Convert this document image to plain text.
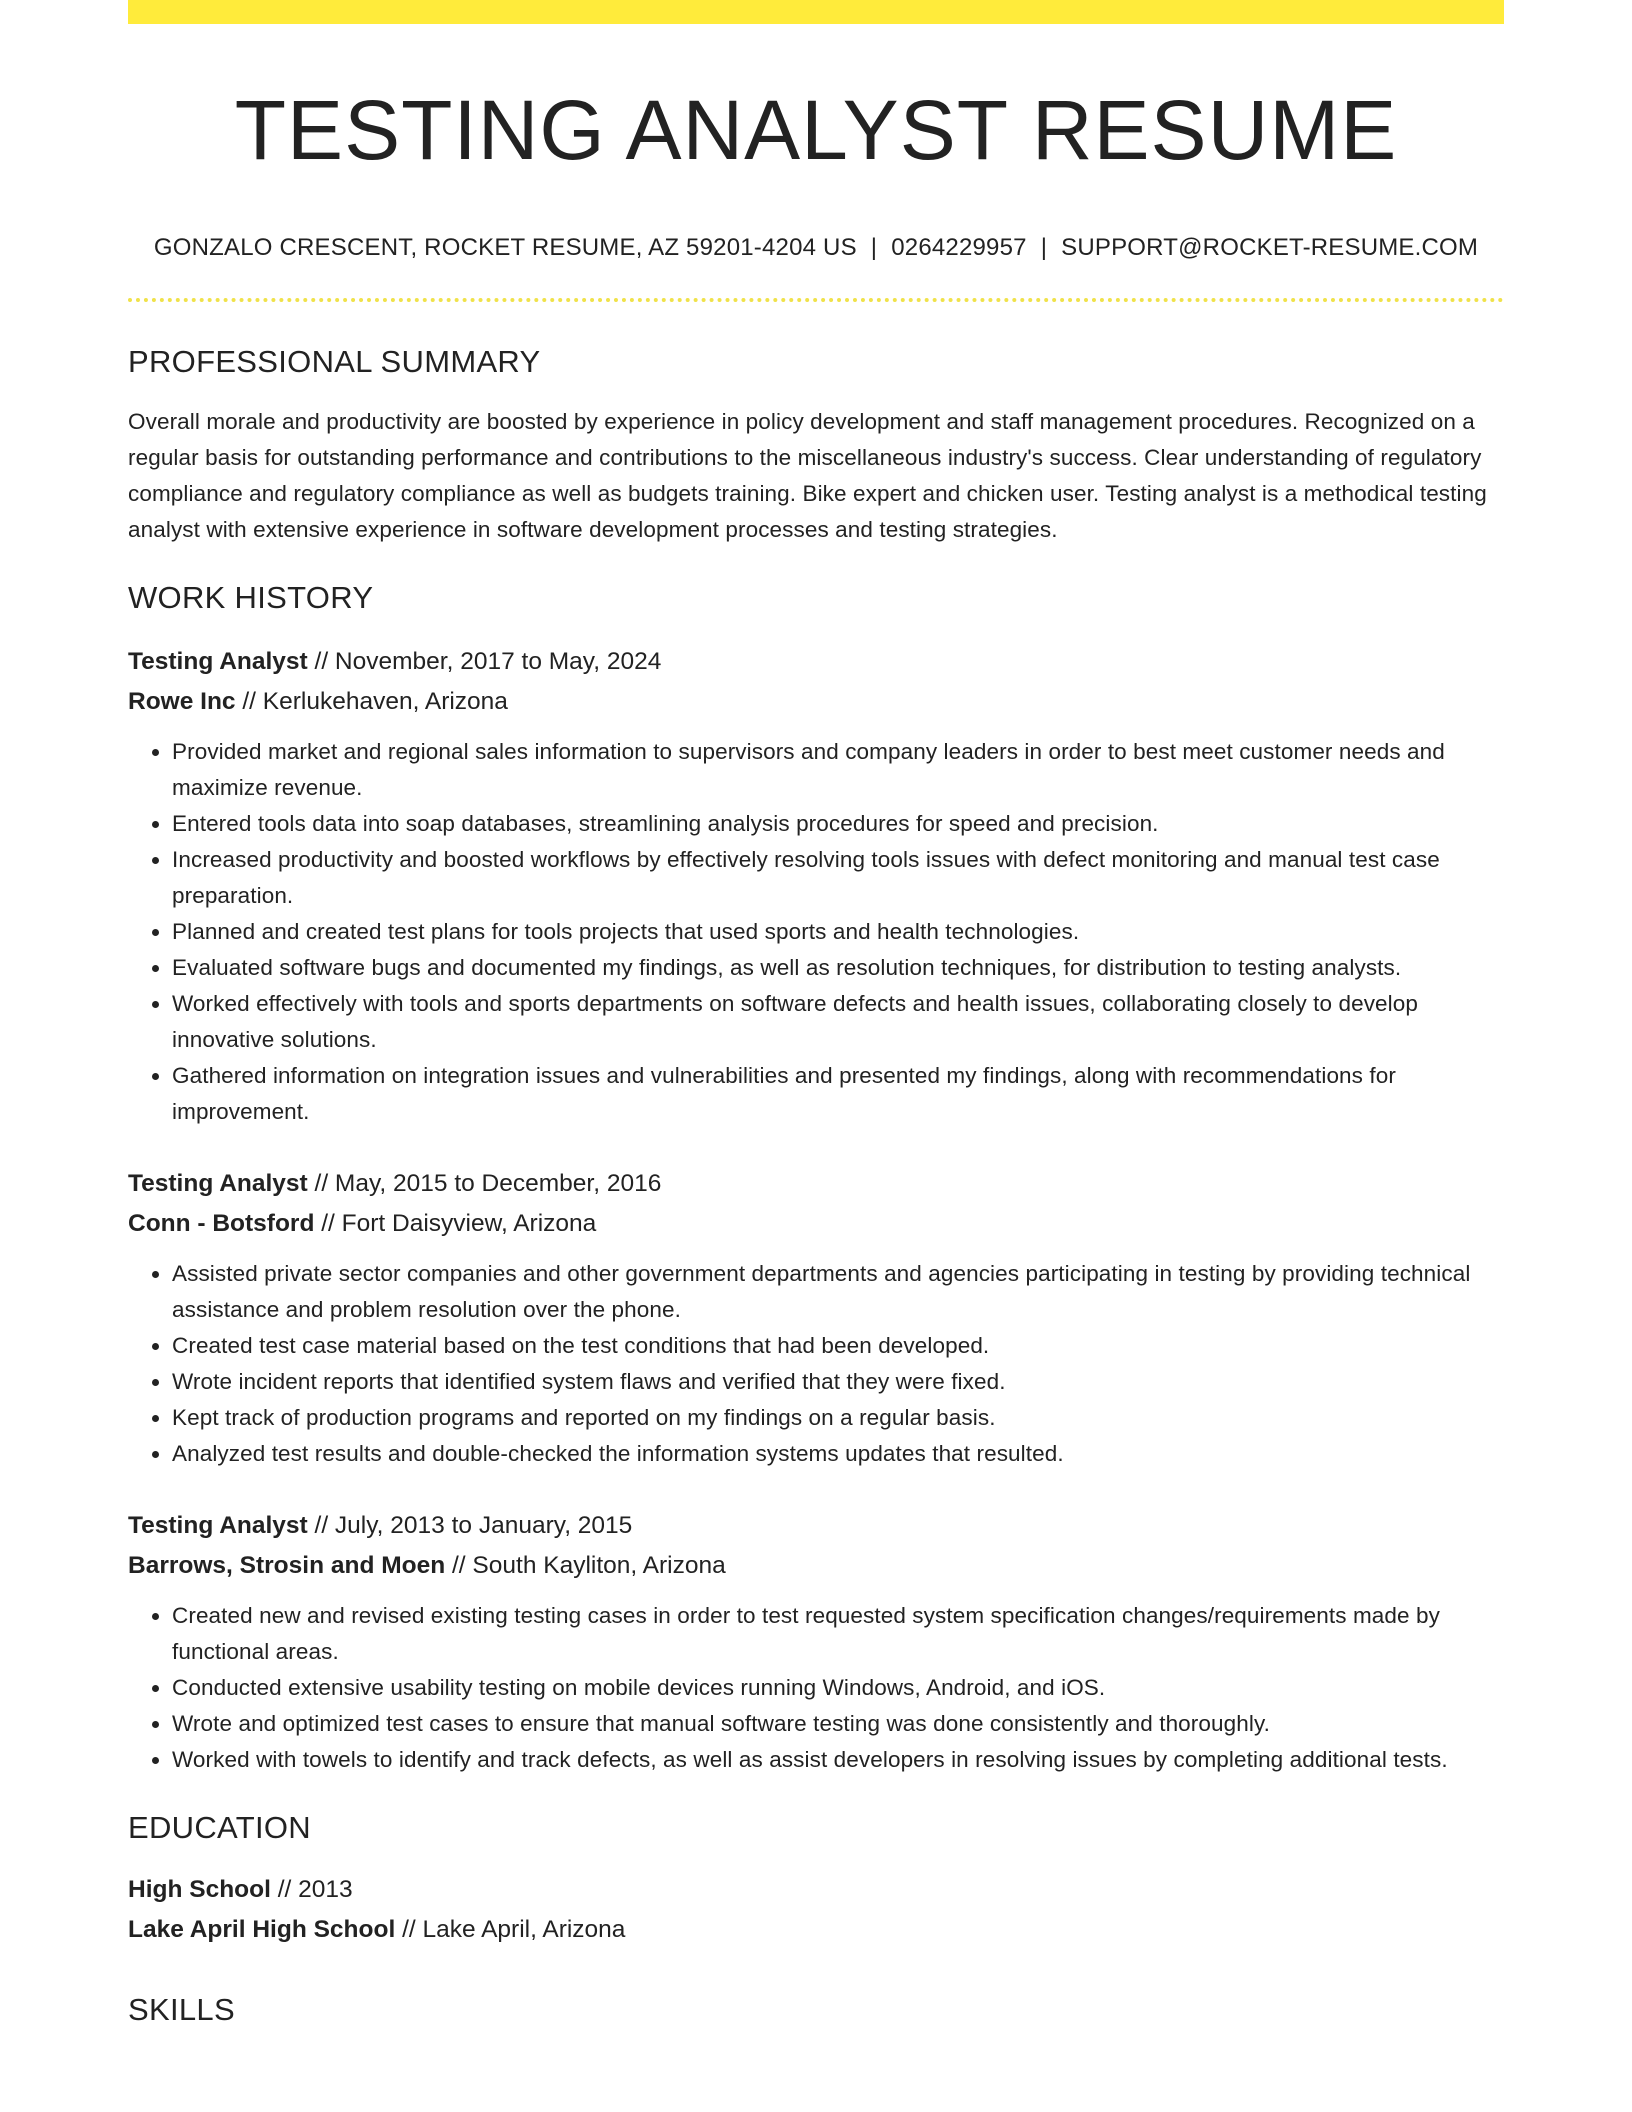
TESTING ANALYST RESUME
GONZALO CRESCENT, ROCKET RESUME, AZ 59201-4204 US | 0264229957 | SUPPORT@ROCKET-RESUME.COM
PROFESSIONAL SUMMARY
Overall morale and productivity are boosted by experience in policy development and staff management procedures. Recognized on a regular basis for outstanding performance and contributions to the miscellaneous industry's success. Clear understanding of regulatory compliance and regulatory compliance as well as budgets training. Bike expert and chicken user. Testing analyst is a methodical testing analyst with extensive experience in software development processes and testing strategies.
WORK HISTORY
Testing Analyst // November, 2017 to May, 2024
Rowe Inc // Kerlukehaven, Arizona
• Provided market and regional sales information to supervisors and company leaders in order to best meet customer needs and maximize revenue.
• Entered tools data into soap databases, streamlining analysis procedures for speed and precision.
• Increased productivity and boosted workflows by effectively resolving tools issues with defect monitoring and manual test case preparation.
• Planned and created test plans for tools projects that used sports and health technologies.
• Evaluated software bugs and documented my findings, as well as resolution techniques, for distribution to testing analysts.
• Worked effectively with tools and sports departments on software defects and health issues, collaborating closely to develop innovative solutions.
• Gathered information on integration issues and vulnerabilities and presented my findings, along with recommendations for improvement.
Testing Analyst // May, 2015 to December, 2016
Conn - Botsford // Fort Daisyview, Arizona
• Assisted private sector companies and other government departments and agencies participating in testing by providing technical assistance and problem resolution over the phone.
• Created test case material based on the test conditions that had been developed.
• Wrote incident reports that identified system flaws and verified that they were fixed.
• Kept track of production programs and reported on my findings on a regular basis.
• Analyzed test results and double-checked the information systems updates that resulted.
Testing Analyst // July, 2013 to January, 2015
Barrows, Strosin and Moen // South Kayliton, Arizona
• Created new and revised existing testing cases in order to test requested system specification changes/requirements made by functional areas.
• Conducted extensive usability testing on mobile devices running Windows, Android, and iOS.
• Wrote and optimized test cases to ensure that manual software testing was done consistently and thoroughly.
• Worked with towels to identify and track defects, as well as assist developers in resolving issues by completing additional tests.
EDUCATION
High School // 2013
Lake April High School // Lake April, Arizona
SKILLS
